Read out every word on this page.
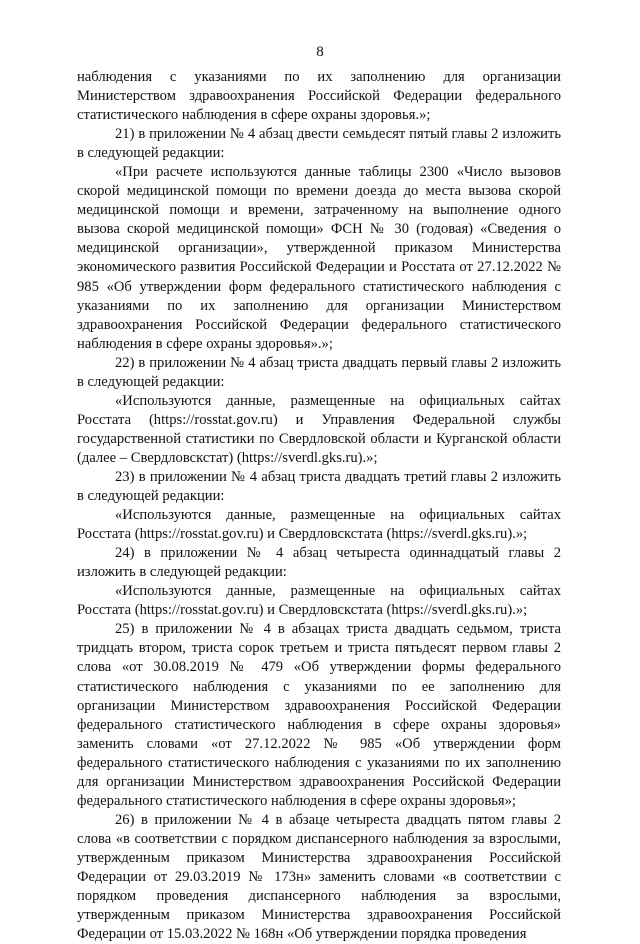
8

наблюдения с указаниями по их заполнению для организации Министерством здравоохранения Российской Федерации федерального статистического наблюдения в сфере охраны здоровья.»;

21) в приложении № 4 абзац двести семьдесят пятый главы 2 изложить в следующей редакции:

«При расчете используются данные таблицы 2300 «Число вызовов скорой медицинской помощи по времени доезда до места вызова скорой медицинской помощи и времени, затраченному на выполнение одного вызова скорой медицинской помощи» ФСН № 30 (годовая) «Сведения о медицинской организации», утвержденной приказом Министерства экономического развития Российской Федерации и Росстата от 27.12.2022 № 985 «Об утверждении форм федерального статистического наблюдения с указаниями по их заполнению для организации Министерством здравоохранения Российской Федерации федерального статистического наблюдения в сфере охраны здоровья».»;

22) в приложении № 4 абзац триста двадцать первый главы 2 изложить в следующей редакции:

«Используются данные, размещенные на официальных сайтах Росстата (https://rosstat.gov.ru) и Управления Федеральной службы государственной статистики по Свердловской области и Курганской области (далее – Свердловскстат) (https://sverdl.gks.ru).»;

23) в приложении № 4 абзац триста двадцать третий главы 2 изложить в следующей редакции:

«Используются данные, размещенные на официальных сайтах Росстата (https://rosstat.gov.ru) и Свердловскстата (https://sverdl.gks.ru).»;

24) в приложении № 4 абзац четыреста одиннадцатый главы 2 изложить в следующей редакции:

«Используются данные, размещенные на официальных сайтах Росстата (https://rosstat.gov.ru) и Свердловскстата (https://sverdl.gks.ru).»;

25) в приложении № 4 в абзацах триста двадцать седьмом, триста тридцать втором, триста сорок третьем и триста пятьдесят первом главы 2 слова «от 30.08.2019 № 479 «Об утверждении формы федерального статистического наблюдения с указаниями по ее заполнению для организации Министерством здравоохранения Российской Федерации федерального статистического наблюдения в сфере охраны здоровья» заменить словами «от 27.12.2022 № 985 «Об утверждении форм федерального статистического наблюдения с указаниями по их заполнению для организации Министерством здравоохранения Российской Федерации федерального статистического наблюдения в сфере охраны здоровья»;

26) в приложении № 4 в абзаце четыреста двадцать пятом главы 2 слова «в соответствии с порядком диспансерного наблюдения за взрослыми, утвержденным приказом Министерства здравоохранения Российской Федерации от 29.03.2019 № 173н» заменить словами «в соответствии с порядком проведения диспансерного наблюдения за взрослыми, утвержденным приказом Министерства здравоохранения Российской Федерации от 15.03.2022 № 168н «Об утверждении порядка проведения
